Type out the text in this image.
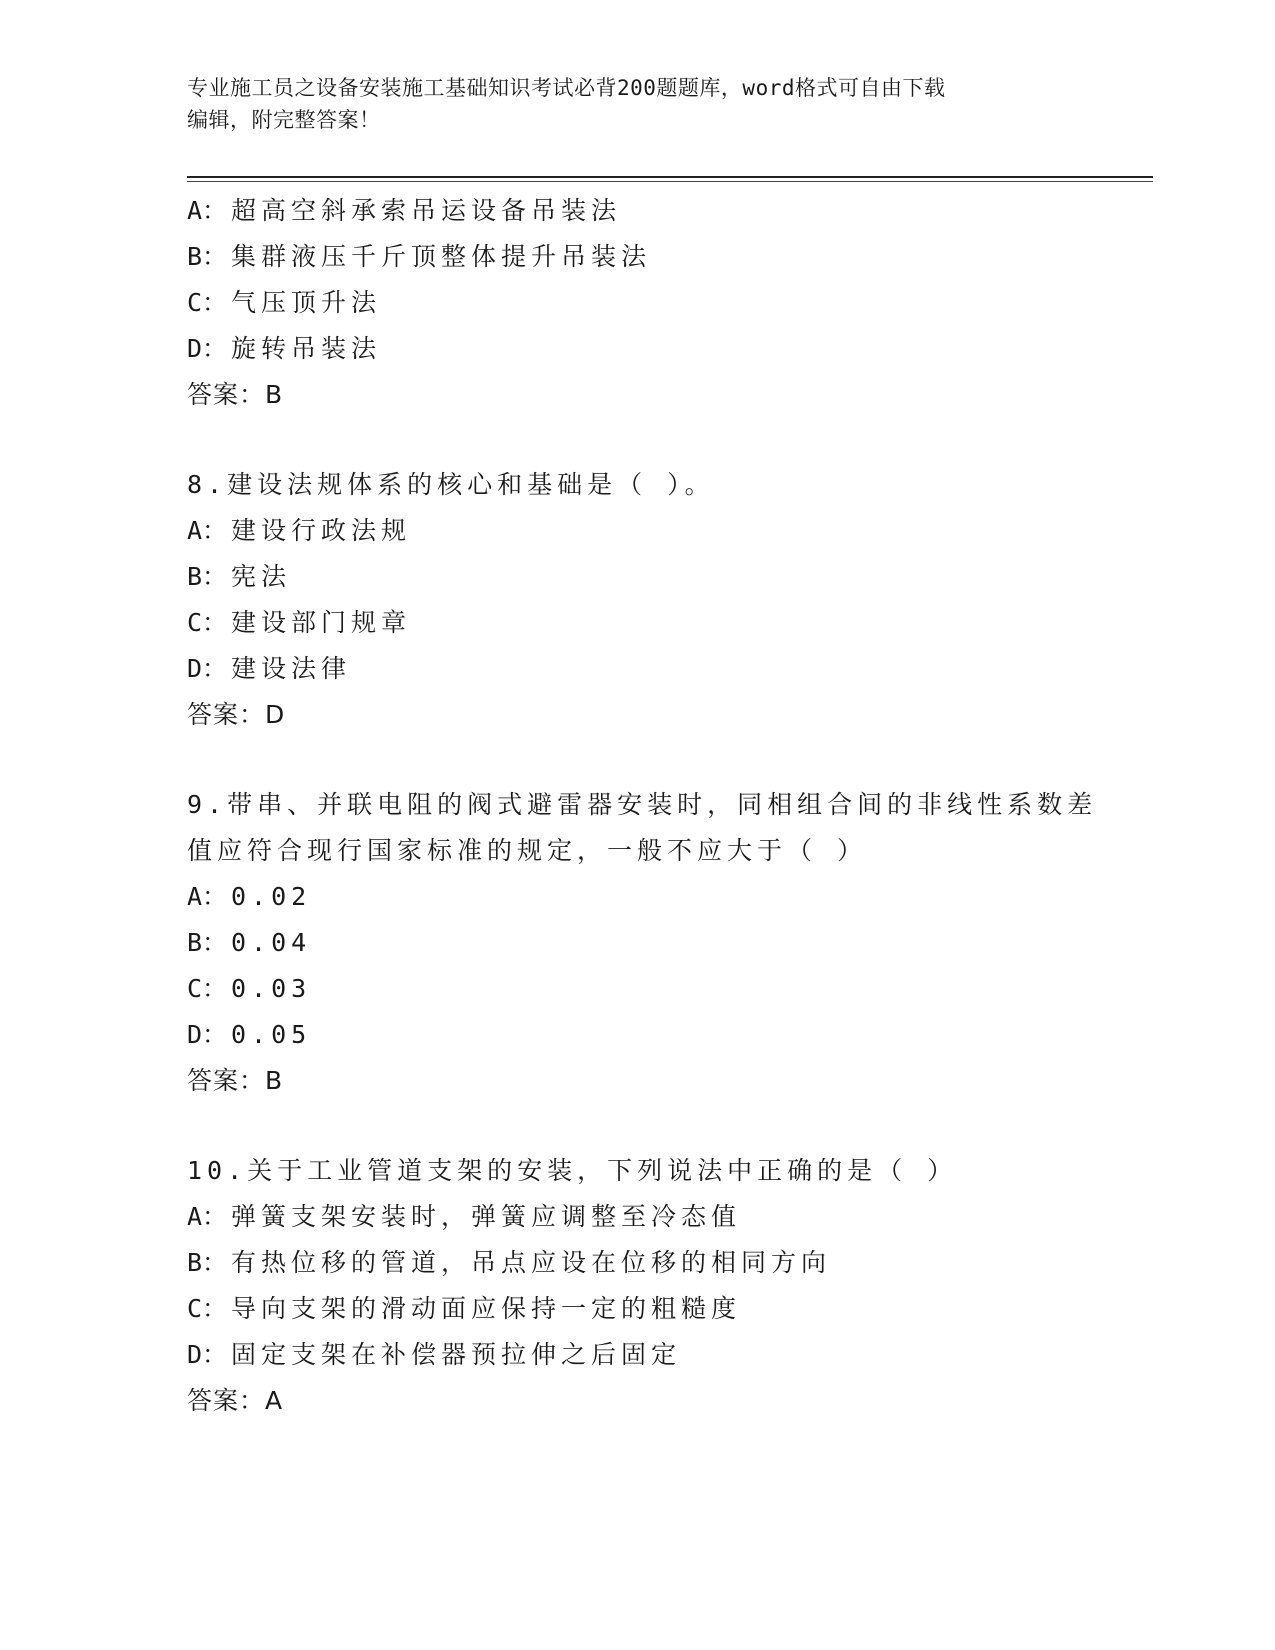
专业施工员之设备安装施工基础知识考试必背200题题库，word格式可自由下载
编辑，附完整答案！
A： 超高空斜承索吊运设备吊装法
B： 集群液压千斤顶整体提升吊装法
C： 气压顶升法
D： 旋转吊装法
答案：B
8.建设法规体系的核心和基础是（ ）。
A： 建设行政法规
B： 宪法
C： 建设部门规章
D： 建设法律
答案：D
9.带串、并联电阻的阀式避雷器安装时，同相组合间的非线性系数差
值应符合现行国家标准的规定，一般不应大于（ ）
A： 0.02
B： 0.04
C： 0.03
D： 0.05
答案：B
10.关于工业管道支架的安装，下列说法中正确的是（ ）
A： 弹簧支架安装时，弹簧应调整至冷态值
B： 有热位移的管道，吊点应设在位移的相同方向
C： 导向支架的滑动面应保持一定的粗糙度
D： 固定支架在补偿器预拉伸之后固定
答案：A
